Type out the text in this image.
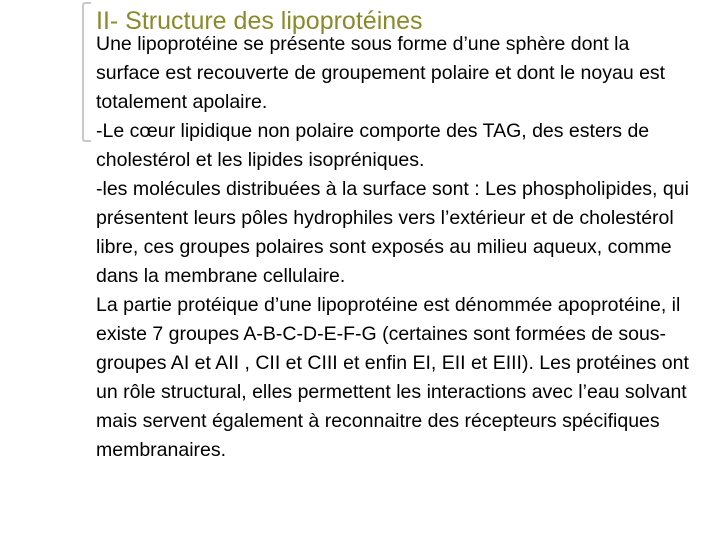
II- Structure des lipoprotéines

Une lipoprotéine se présente sous forme d’une sphère dont la surface est recouverte de groupement polaire et dont le noyau est totalement apolaire.

-Le cœur lipidique non polaire comporte des TAG, des esters de cholestérol et les lipides isopréniques.

-les molécules distribuées à la surface sont : Les phospholipides, qui présentent leurs pôles hydrophiles vers l’extérieur et de cholestérol libre, ces groupes polaires sont exposés au milieu aqueux, comme dans la membrane cellulaire.

La partie protéique d’une lipoprotéine est dénommée apoprotéine, il existe 7 groupes A-B-C-D-E-F-G (certaines sont formées de sous- groupes AI et AII , CII et CIII et enfin EI, EII et EIII). Les protéines ont un rôle structural, elles permettent les interactions avec l’eau solvant mais servent également à reconnaitre des récepteurs spécifiques membranaires.
